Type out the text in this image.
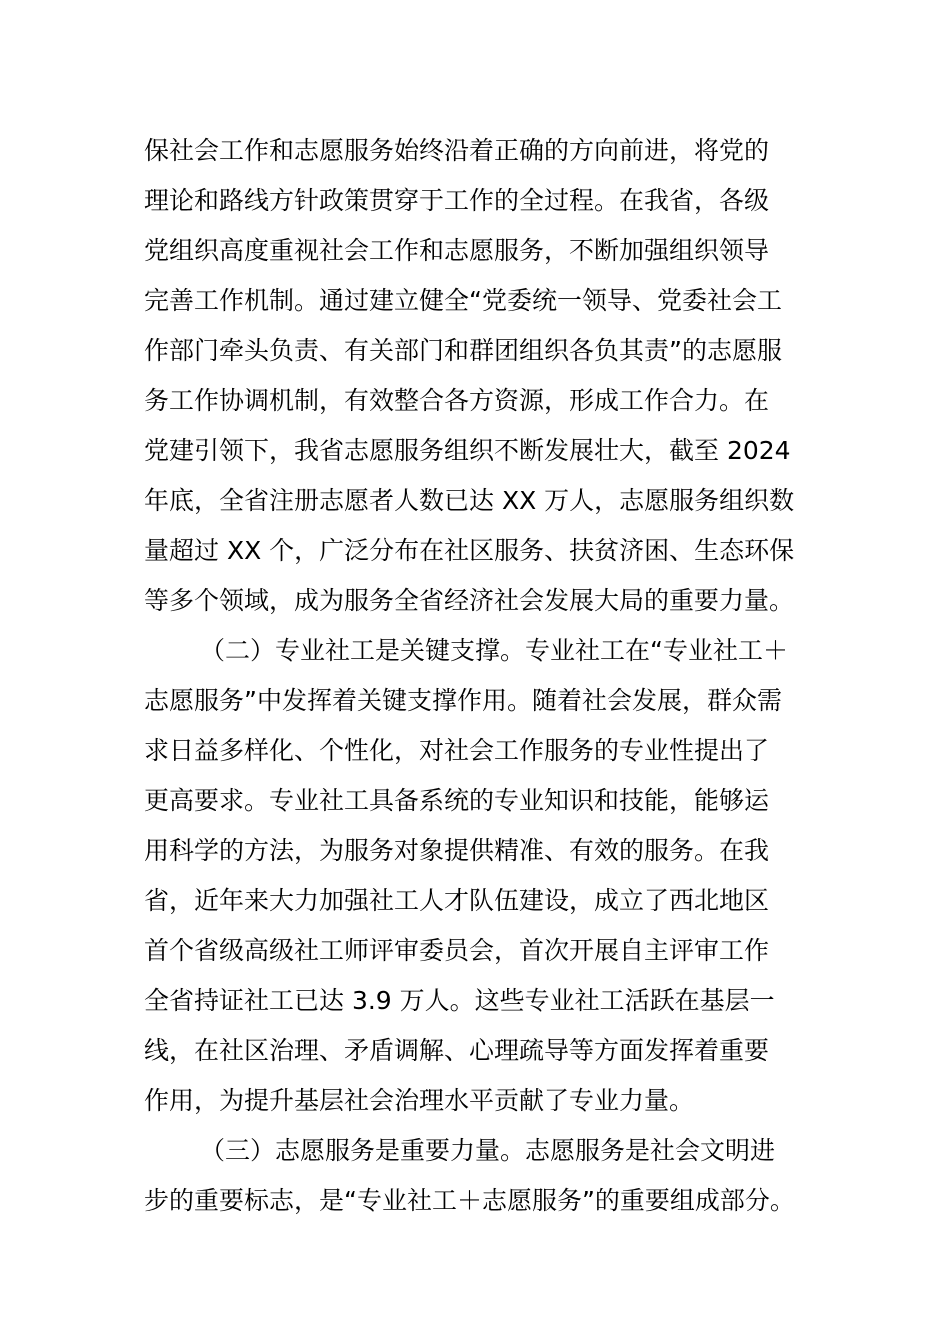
保社会工作和志愿服务始终沿着正确的方向前进，将党的
理论和路线方针政策贯穿于工作的全过程。在我省，各级
党组织高度重视社会工作和志愿服务，不断加强组织领导
完善工作机制。通过建立健全“党委统一领导、党委社会工
作部门牵头负责、有关部门和群团组织各负其责”的志愿服
务工作协调机制，有效整合各方资源，形成工作合力。在
党建引领下，我省志愿服务组织不断发展壮大，截至 2024
年底，全省注册志愿者人数已达 XX 万人，志愿服务组织数
量超过 XX 个，广泛分布在社区服务、扶贫济困、生态环保
等多个领域，成为服务全省经济社会发展大局的重要力量。
（二）专业社工是关键支撑。专业社工在“专业社工＋
志愿服务”中发挥着关键支撑作用。随着社会发展，群众需
求日益多样化、个性化，对社会工作服务的专业性提出了
更高要求。专业社工具备系统的专业知识和技能，能够运
用科学的方法，为服务对象提供精准、有效的服务。在我
省，近年来大力加强社工人才队伍建设，成立了西北地区
首个省级高级社工师评审委员会，首次开展自主评审工作
全省持证社工已达 3.9 万人。这些专业社工活跃在基层一
线，在社区治理、矛盾调解、心理疏导等方面发挥着重要
作用，为提升基层社会治理水平贡献了专业力量。
（三）志愿服务是重要力量。志愿服务是社会文明进
步的重要标志，是“专业社工＋志愿服务”的重要组成部分。
